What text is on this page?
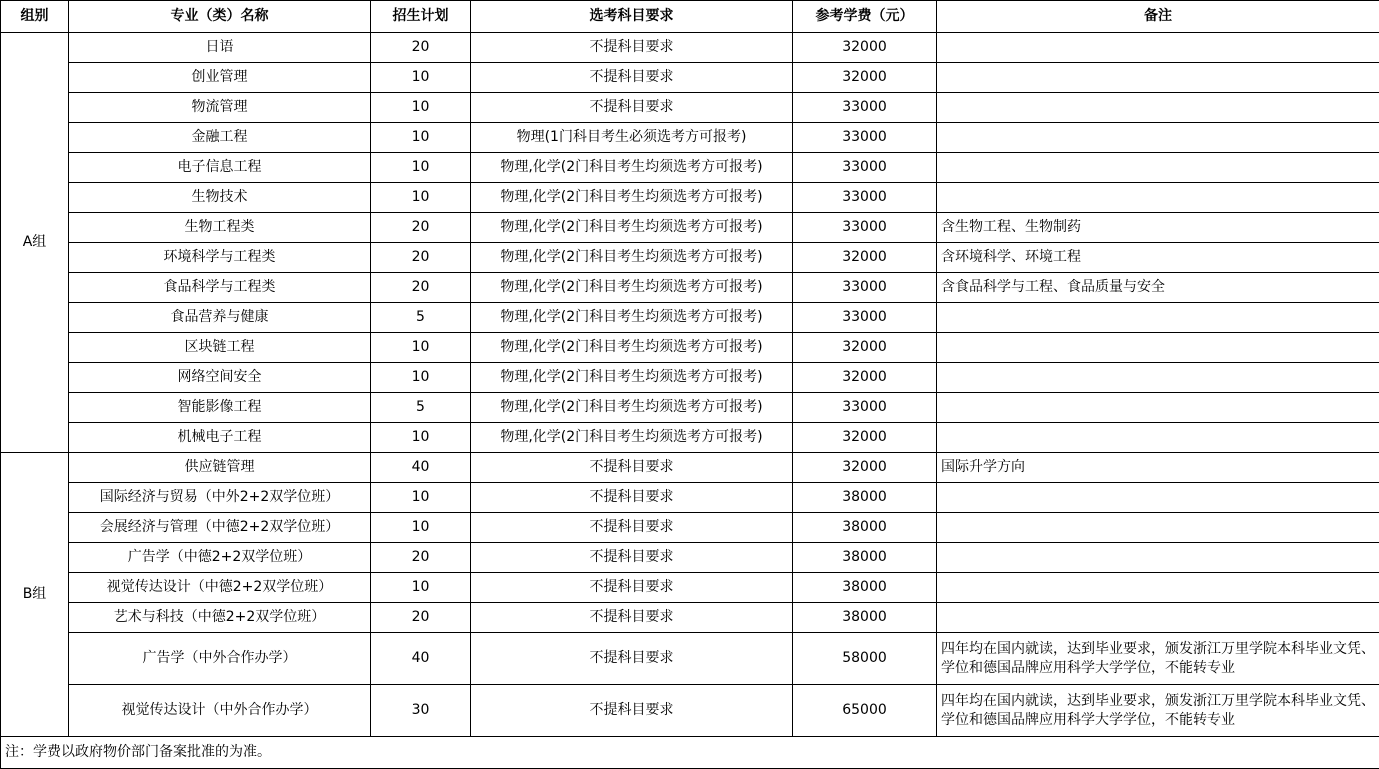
组别	专业（类）名称	招生计划	选考科目要求	参考学费（元）	备注
A组	日语	20	不提科目要求	32000	
	创业管理	10	不提科目要求	32000	
	物流管理	10	不提科目要求	33000	
	金融工程	10	物理(1门科目考生必须选考方可报考)	33000	
	电子信息工程	10	物理,化学(2门科目考生均须选考方可报考)	33000	
	生物技术	10	物理,化学(2门科目考生均须选考方可报考)	33000	
	生物工程类	20	物理,化学(2门科目考生均须选考方可报考)	33000	含生物工程、生物制药
	环境科学与工程类	20	物理,化学(2门科目考生均须选考方可报考)	32000	含环境科学、环境工程
	食品科学与工程类	20	物理,化学(2门科目考生均须选考方可报考)	33000	含食品科学与工程、食品质量与安全
	食品营养与健康	5	物理,化学(2门科目考生均须选考方可报考)	33000	
	区块链工程	10	物理,化学(2门科目考生均须选考方可报考)	32000	
	网络空间安全	10	物理,化学(2门科目考生均须选考方可报考)	32000	
	智能影像工程	5	物理,化学(2门科目考生均须选考方可报考)	33000	
	机械电子工程	10	物理,化学(2门科目考生均须选考方可报考)	32000	
B组	供应链管理	40	不提科目要求	32000	国际升学方向
	国际经济与贸易（中外2+2双学位班）	10	不提科目要求	38000	
	会展经济与管理（中德2+2双学位班）	10	不提科目要求	38000	
	广告学（中德2+2双学位班）	20	不提科目要求	38000	
	视觉传达设计（中德2+2双学位班）	10	不提科目要求	38000	
	艺术与科技（中德2+2双学位班）	20	不提科目要求	38000	
	广告学（中外合作办学）	40	不提科目要求	58000	四年均在国内就读，达到毕业要求，颁发浙江万里学院本科毕业文凭、学位和德国品牌应用科学大学学位，不能转专业
	视觉传达设计（中外合作办学）	30	不提科目要求	65000	四年均在国内就读，达到毕业要求，颁发浙江万里学院本科毕业文凭、学位和德国品牌应用科学大学学位，不能转专业
注：学费以政府物价部门备案批准的为准。					
